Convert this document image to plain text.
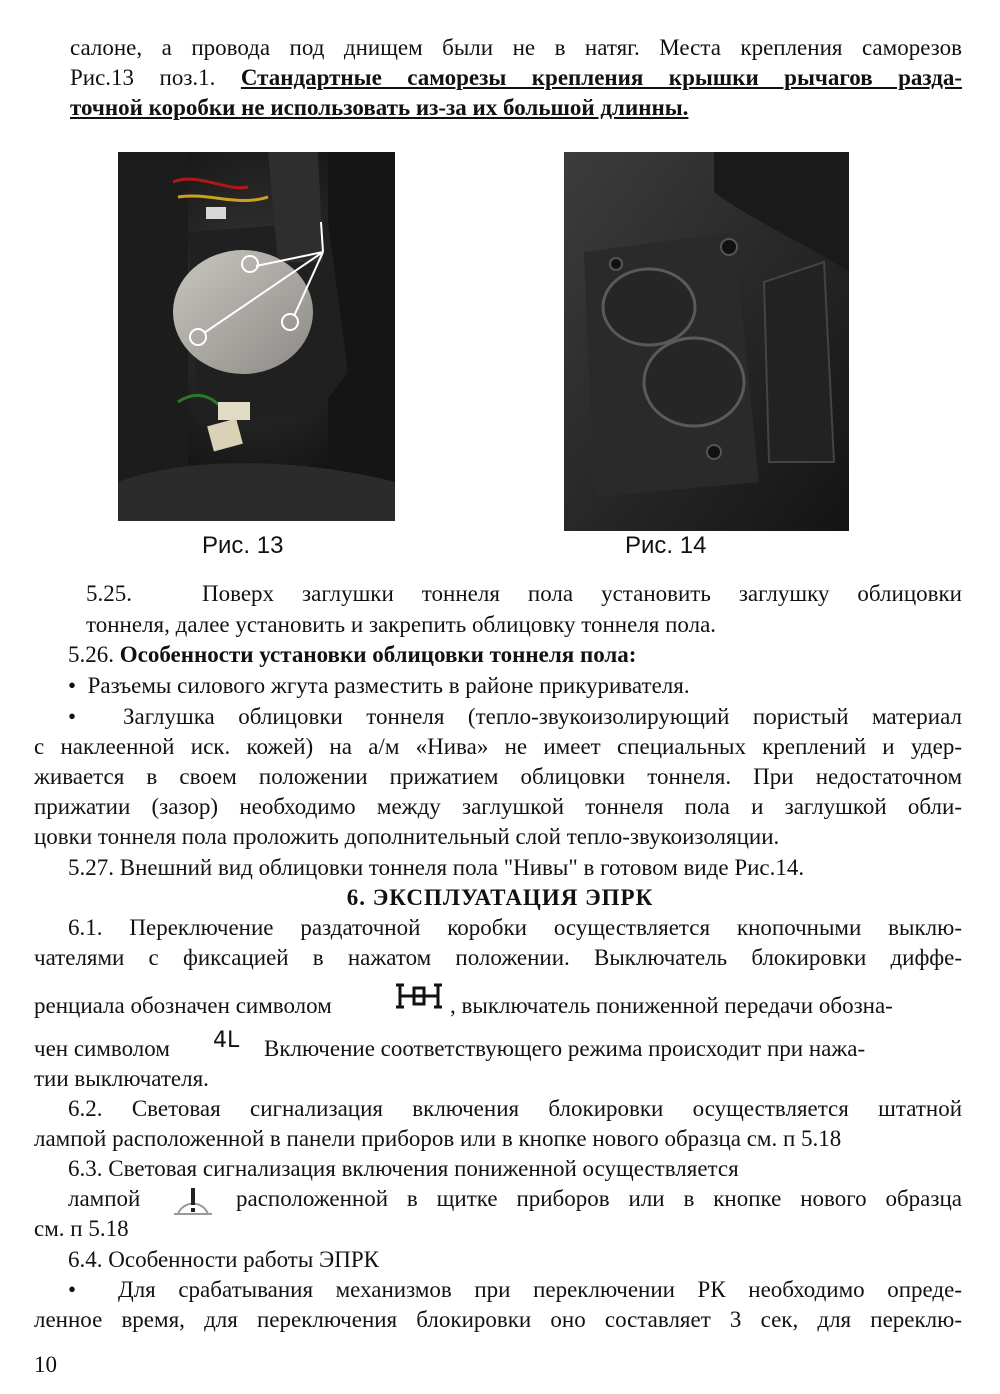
салоне, а провода под днищем были не в натяг. Места крепления саморезов
Рис.13 поз.1. Стандартные саморезы крепления крышки рычагов разда-
точной коробки не использовать из-за их большой длинны.
Рис. 13	Рис. 14
5.25.	Поверх заглушки тоннеля пола установить заглушку облицовки
тоннеля, далее установить и закрепить облицовку тоннеля пола.
5.26. Особенности установки облицовки тоннеля пола:
•  Разъемы силового жгута разместить в районе прикуривателя.
•  Заглушка облицовки тоннеля (тепло-звукоизолирующий пористый материал
с наклеенной иск. кожей) на а/м «Нива» не имеет специальных креплений и удер-
живается в своем положении прижатием облицовки тоннеля. При недостаточном
прижатии (зазор) необходимо между заглушкой тоннеля пола и заглушкой обли-
цовки тоннеля пола проложить дополнительный слой тепло-звукоизоляции.
5.27. Внешний вид облицовки тоннеля пола "Нивы" в готовом виде Рис.14.
6. ЭКСПЛУАТАЦИЯ ЭПРК
6.1. Переключение раздаточной коробки осуществляется кнопочными выклю-
чателями с фиксацией в нажатом положении. Выключатель блокировки диффе-
ренциала обозначен символом	, выключатель пониженной передачи обозна-
чен символом 4L Включение соответствующего режима происходит при нажа-
тии выключателя.
6.2. Световая сигнализация включения блокировки осуществляется штатной
лампой расположенной в панели приборов или в кнопке нового образца см. п 5.18
6.3. Световая сигнализация включения пониженной осуществляется
лампой	расположенной в щитке приборов или в кнопке нового образца
см. п 5.18
6.4. Особенности работы ЭПРК
• Для срабатывания механизмов при переключении РК необходимо опреде-
ленное время, для переключения блокировки оно составляет 3 сек, для переклю-
10
